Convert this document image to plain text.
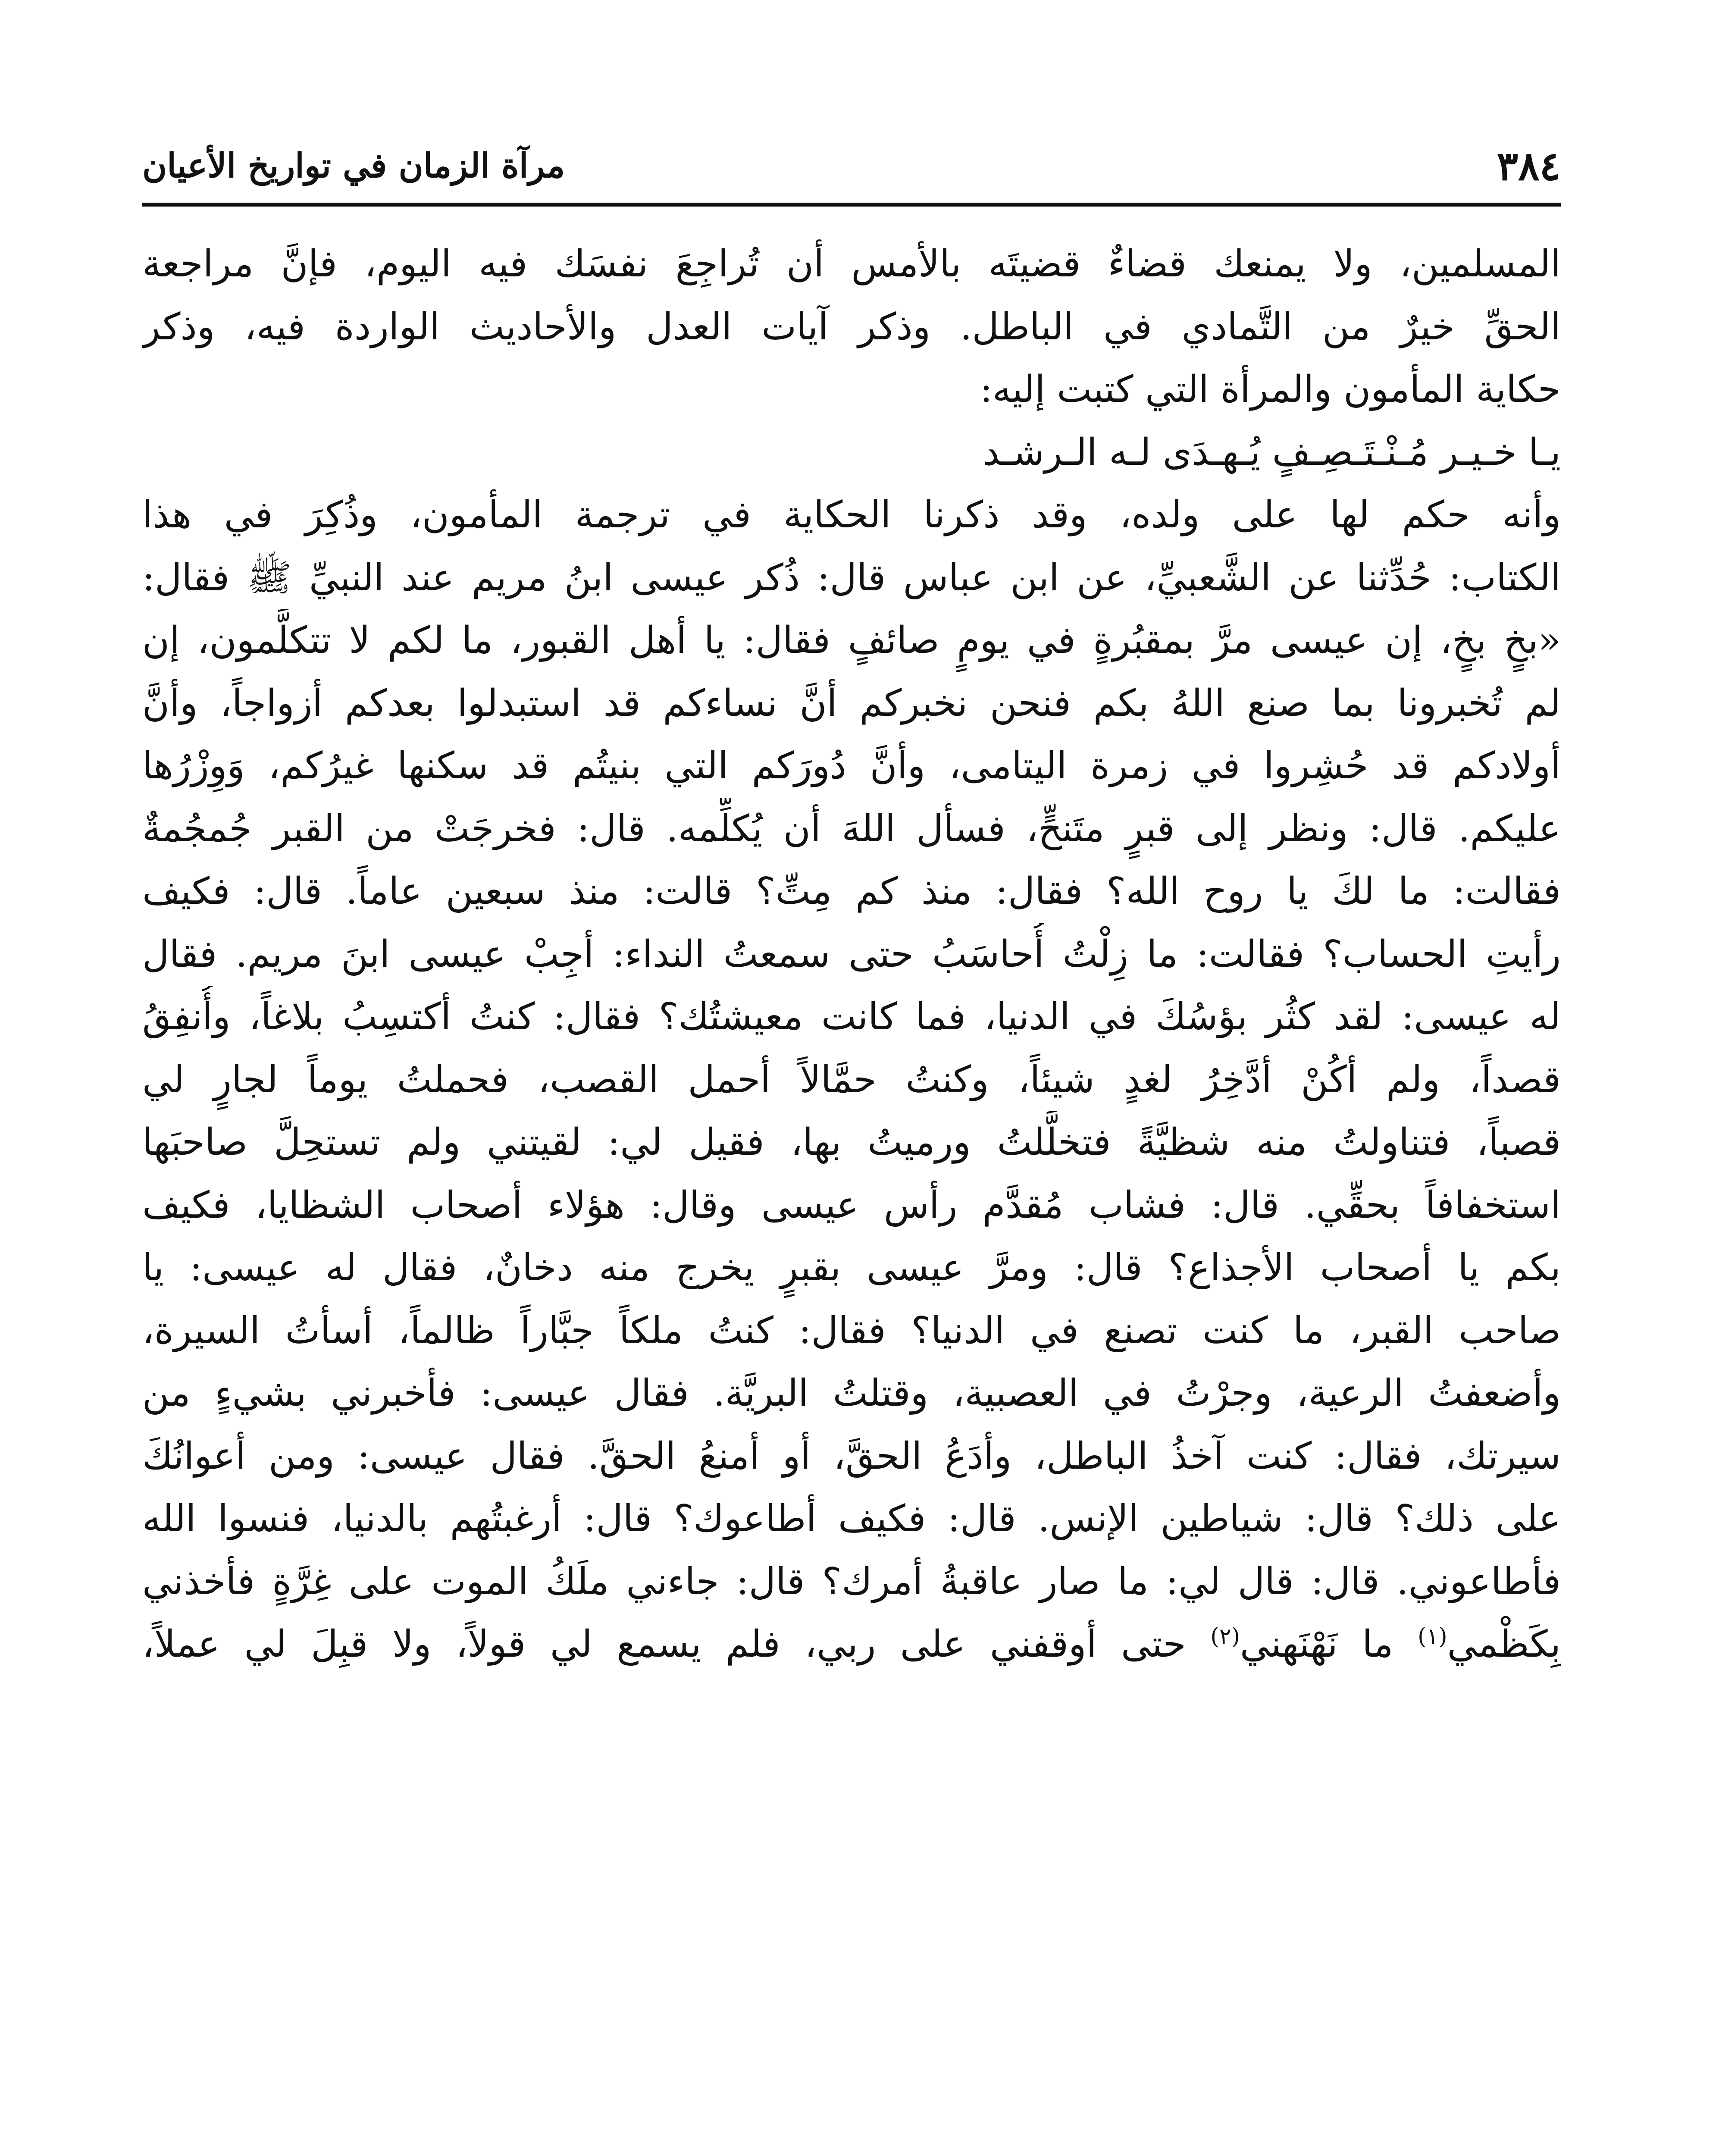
٣٨٤
مرآة الزمان في تواريخ الأعيان
المسلمين، ولا يمنعك قضاءٌ قضيتَه بالأمس أن تُراجِعَ نفسَك فيه اليوم، فإنَّ مراجعة
الحقِّ خيرٌ من التَّمادي في الباطل. وذكر آيات العدل والأحاديث الواردة فيه، وذكر
حكاية المأمون والمرأة التي كتبت إليه:
يـا خـيـر مُـنْـتَـصِـفٍ يُـهـدَى لـه الـرشـد
وأنه حكم لها على ولده، وقد ذكرنا الحكاية في ترجمة المأمون، وذُكِرَ في هذا
الكتاب: حُدِّثنا عن الشَّعبيِّ، عن ابن عباس قال: ذُكر عيسى ابنُ مريم عند النبيِّ ﷺ فقال:
«بخٍ بخٍ، إن عيسى مرَّ بمقبُرةٍ في يومٍ صائفٍ فقال: يا أهل القبور، ما لكم لا تتكلَّمون، إن
لم تُخبرونا بما صنع اللهُ بكم فنحن نخبركم أنَّ نساءكم قد استبدلوا بعدكم أزواجاً، وأنَّ
أولادكم قد حُشِروا في زمرة اليتامى، وأنَّ دُورَكم التي بنيتُم قد سكنها غيرُكم، وَوِزْرُها
عليكم. قال: ونظر إلى قبرٍ متَنحٍّ، فسأل اللهَ أن يُكلِّمه. قال: فخرجَتْ من القبر جُمجُمةٌ
فقالت: ما لكَ يا روح الله؟ فقال: منذ كم مِتِّ؟ قالت: منذ سبعين عاماً. قال: فكيف
رأيتِ الحساب؟ فقالت: ما زِلْتُ أُحاسَبُ حتى سمعتُ النداء: أجِبْ عيسى ابنَ مريم. فقال
له عيسى: لقد كثُر بؤسُكَ في الدنيا، فما كانت معيشتُك؟ فقال: كنتُ أكتسِبُ بلاغاً، وأُنفِقُ
قصداً، ولم أكُنْ أدَّخِرُ لغدٍ شيئاً، وكنتُ حمَّالاً أحمل القصب، فحملتُ يوماً لجارٍ لي
قصباً، فتناولتُ منه شظيَّةً فتخلَّلتُ ورميتُ بها، فقيل لي: لقيتني ولم تستحِلَّ صاحبَها
استخفافاً بحقِّي. قال: فشاب مُقدَّم رأس عيسى وقال: هؤلاء أصحاب الشظايا، فكيف
بكم يا أصحاب الأجذاع؟ قال: ومرَّ عيسى بقبرٍ يخرج منه دخانٌ، فقال له عيسى: يا
صاحب القبر، ما كنت تصنع في الدنيا؟ فقال: كنتُ ملكاً جبَّاراً ظالماً، أسأتُ السيرة،
وأضعفتُ الرعية، وجرْتُ في العصبية، وقتلتُ البريَّة. فقال عيسى: فأخبرني بشيءٍ من
سيرتك، فقال: كنت آخذُ الباطل، وأدَعُ الحقَّ، أو أمنعُ الحقَّ. فقال عيسى: ومن أعوانُكَ
على ذلك؟ قال: شياطين الإنس. قال: فكيف أطاعوك؟ قال: أرغبتُهم بالدنيا، فنسوا الله
فأطاعوني. قال: قال لي: ما صار عاقبةُ أمرك؟ قال: جاءني ملَكُ الموت على غِرَّةٍ فأخذني
بِكَظْمي$^{(١)}$ ما نَهْنَهني$^{(٢)}$ حتى أوقفني على ربي، فلم يسمع لي قولاً، ولا قبِلَ لي عملاً،
